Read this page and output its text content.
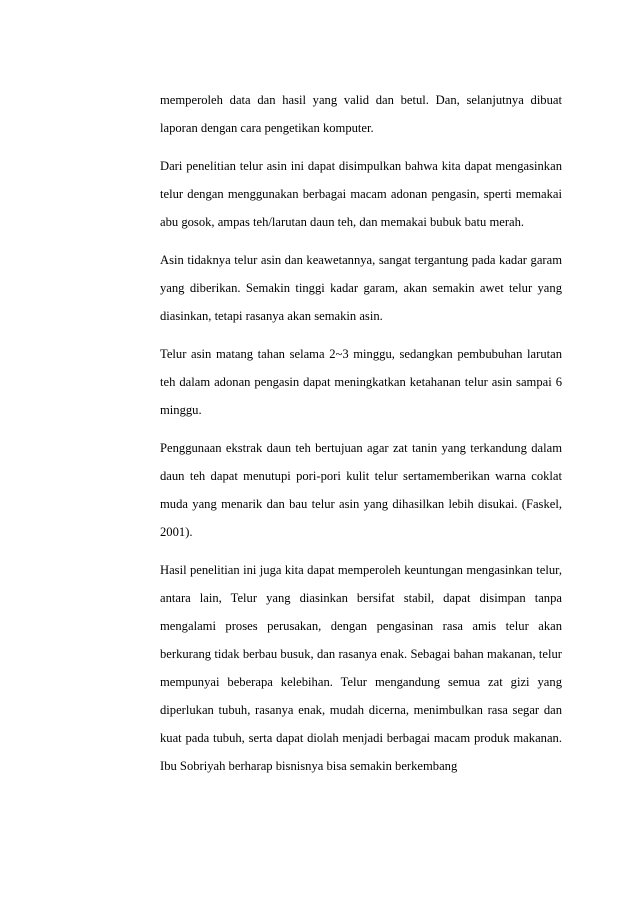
memperoleh data dan hasil yang valid dan betul. Dan, selanjutnya dibuat
laporan dengan cara pengetikan komputer.
Dari penelitian telur asin ini dapat disimpulkan bahwa kita dapat mengasinkan
telur dengan menggunakan berbagai macam adonan pengasin, sperti memakai
abu gosok, ampas teh/larutan daun teh, dan memakai bubuk batu merah.
Asin tidaknya telur asin dan keawetannya, sangat tergantung pada kadar garam
yang diberikan. Semakin tinggi kadar garam, akan semakin awet telur yang
diasinkan, tetapi rasanya akan semakin asin.
Telur asin matang tahan selama 2~3 minggu, sedangkan pembubuhan larutan
teh dalam adonan pengasin dapat meningkatkan ketahanan telur asin sampai 6
minggu.
Penggunaan ekstrak daun teh bertujuan agar zat tanin yang terkandung dalam
daun teh dapat menutupi pori-pori kulit telur sertamemberikan warna coklat
muda yang menarik dan bau telur asin yang dihasilkan lebih disukai. (Faskel,
2001).
Hasil penelitian ini juga kita dapat memperoleh keuntungan mengasinkan telur,
antara lain, Telur yang diasinkan bersifat stabil, dapat disimpan tanpa
mengalami proses perusakan, dengan pengasinan rasa amis telur akan
berkurang tidak berbau busuk, dan rasanya enak. Sebagai bahan makanan, telur
mempunyai beberapa kelebihan. Telur mengandung semua zat gizi yang
diperlukan tubuh, rasanya enak, mudah dicerna, menimbulkan rasa segar dan
kuat pada tubuh, serta dapat diolah menjadi berbagai macam produk makanan.
Ibu Sobriyah berharap bisnisnya bisa semakin berkembang
